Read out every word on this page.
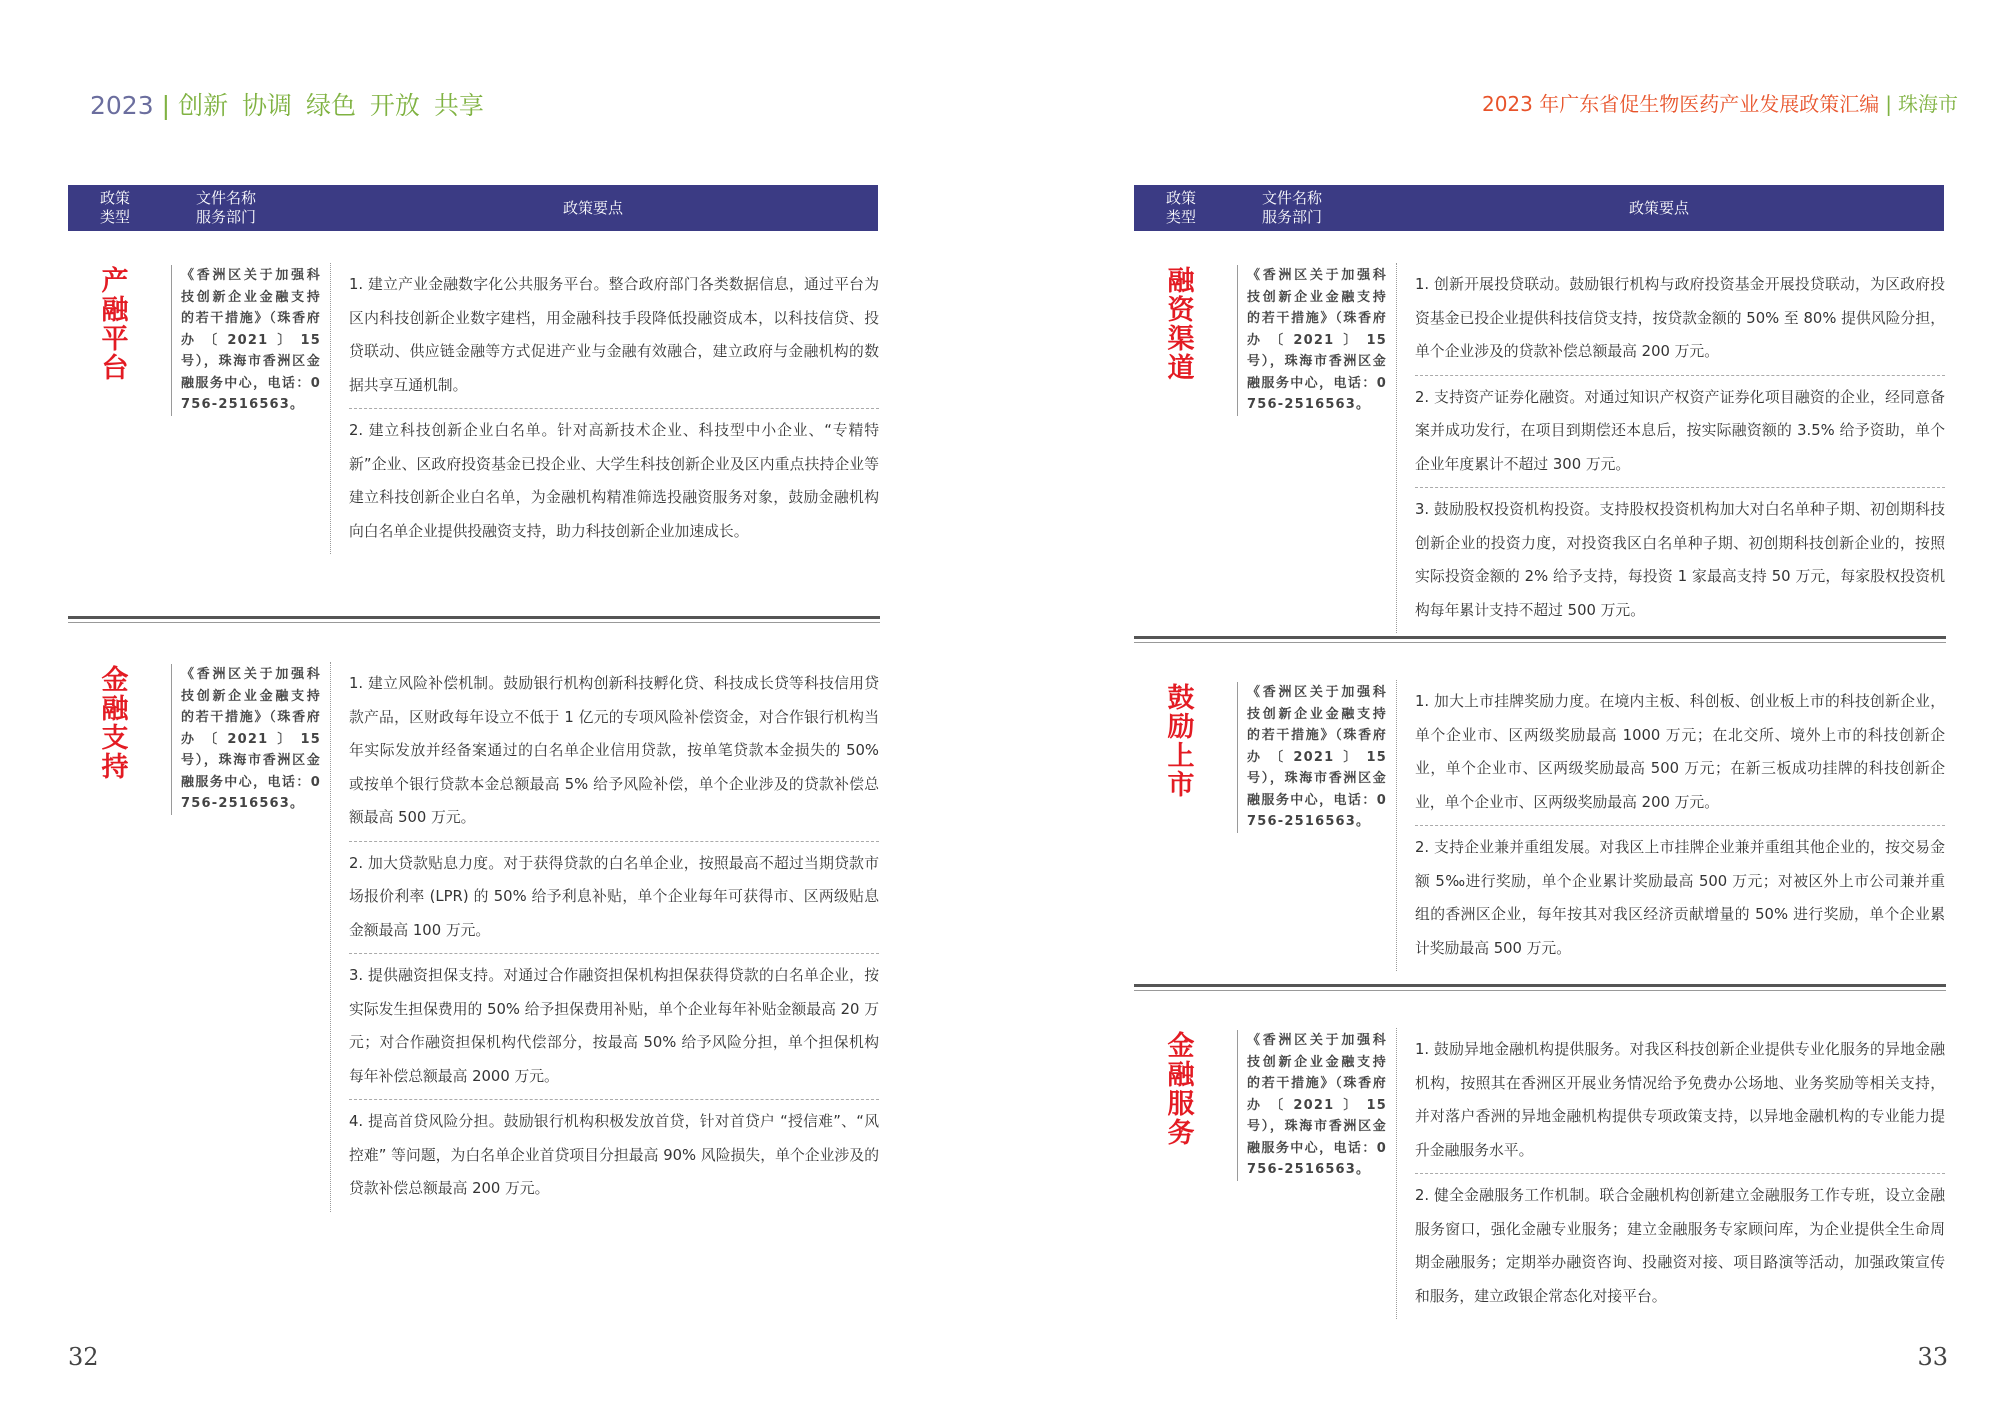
2023 | 创新 协调 绿色 开放 共享
政策
类型
文件名称
服务部门
政策要点
产
融
平
台
《香洲区关于加强科技创新企业金融支持的若干措施》（珠香府办〔2021〕15 号），珠海市香洲区金融服务中心，电话：0756-2516563。
1. 建立产业金融数字化公共服务平台。整合政府部门各类数据信息，通过平台为区内科技创新企业数字建档，用金融科技手段降低投融资成本，以科技信贷、投贷联动、供应链金融等方式促进产业与金融有效融合，建立政府与金融机构的数据共享互通机制。
2. 建立科技创新企业白名单。针对高新技术企业、科技型中小企业、“专精特新”企业、区政府投资基金已投企业、大学生科技创新企业及区内重点扶持企业等建立科技创新企业白名单，为金融机构精准筛选投融资服务对象，鼓励金融机构向白名单企业提供投融资支持，助力科技创新企业加速成长。
金
融
支
持
《香洲区关于加强科技创新企业金融支持的若干措施》（珠香府办〔2021〕15 号），珠海市香洲区金融服务中心，电话：0756-2516563。
1. 建立风险补偿机制。鼓励银行机构创新科技孵化贷、科技成长贷等科技信用贷款产品，区财政每年设立不低于 1 亿元的专项风险补偿资金，对合作银行机构当年实际发放并经备案通过的白名单企业信用贷款，按单笔贷款本金损失的 50% 或按单个银行贷款本金总额最高 5% 给予风险补偿，单个企业涉及的贷款补偿总额最高 500 万元。
2. 加大贷款贴息力度。对于获得贷款的白名单企业，按照最高不超过当期贷款市场报价利率 (LPR) 的 50% 给予利息补贴，单个企业每年可获得市、区两级贴息金额最高 100 万元。
3. 提供融资担保支持。对通过合作融资担保机构担保获得贷款的白名单企业，按实际发生担保费用的 50% 给予担保费用补贴，单个企业每年补贴金额最高 20 万元；对合作融资担保机构代偿部分，按最高 50% 给予风险分担，单个担保机构每年补偿总额最高 2000 万元。
4. 提高首贷风险分担。鼓励银行机构积极发放首贷，针对首贷户 “授信难”、“风控难” 等问题，为白名单企业首贷项目分担最高 90% 风险损失，单个企业涉及的贷款补偿总额最高 200 万元。
32
2023 年广东省促生物医药产业发展政策汇编 | 珠海市
政策
类型
文件名称
服务部门
政策要点
融
资
渠
道
《香洲区关于加强科技创新企业金融支持的若干措施》（珠香府办〔2021〕15 号），珠海市香洲区金融服务中心，电话：0756-2516563。
1. 创新开展投贷联动。鼓励银行机构与政府投资基金开展投贷联动，为区政府投资基金已投企业提供科技信贷支持，按贷款金额的 50% 至 80% 提供风险分担，单个企业涉及的贷款补偿总额最高 200 万元。
2. 支持资产证券化融资。对通过知识产权资产证券化项目融资的企业，经同意备案并成功发行，在项目到期偿还本息后，按实际融资额的 3.5% 给予资助，单个企业年度累计不超过 300 万元。
3. 鼓励股权投资机构投资。支持股权投资机构加大对白名单种子期、初创期科技创新企业的投资力度，对投资我区白名单种子期、初创期科技创新企业的，按照实际投资金额的 2% 给予支持，每投资 1 家最高支持 50 万元，每家股权投资机构每年累计支持不超过 500 万元。
鼓
励
上
市
《香洲区关于加强科技创新企业金融支持的若干措施》（珠香府办〔2021〕15 号），珠海市香洲区金融服务中心，电话：0756-2516563。
1. 加大上市挂牌奖励力度。在境内主板、科创板、创业板上市的科技创新企业，单个企业市、区两级奖励最高 1000 万元；在北交所、境外上市的科技创新企业，单个企业市、区两级奖励最高 500 万元；在新三板成功挂牌的科技创新企业，单个企业市、区两级奖励最高 200 万元。
2. 支持企业兼并重组发展。对我区上市挂牌企业兼并重组其他企业的，按交易金额 5‰进行奖励，单个企业累计奖励最高 500 万元；对被区外上市公司兼并重组的香洲区企业，每年按其对我区经济贡献增量的 50% 进行奖励，单个企业累计奖励最高 500 万元。
金
融
服
务
《香洲区关于加强科技创新企业金融支持的若干措施》（珠香府办〔2021〕15 号），珠海市香洲区金融服务中心，电话：0756-2516563。
1. 鼓励异地金融机构提供服务。对我区科技创新企业提供专业化服务的异地金融机构，按照其在香洲区开展业务情况给予免费办公场地、业务奖励等相关支持，并对落户香洲的异地金融机构提供专项政策支持，以异地金融机构的专业能力提升金融服务水平。
2. 健全金融服务工作机制。联合金融机构创新建立金融服务工作专班，设立金融服务窗口，强化金融专业服务；建立金融服务专家顾问库，为企业提供全生命周期金融服务；定期举办融资咨询、投融资对接、项目路演等活动，加强政策宣传和服务，建立政银企常态化对接平台。
33
